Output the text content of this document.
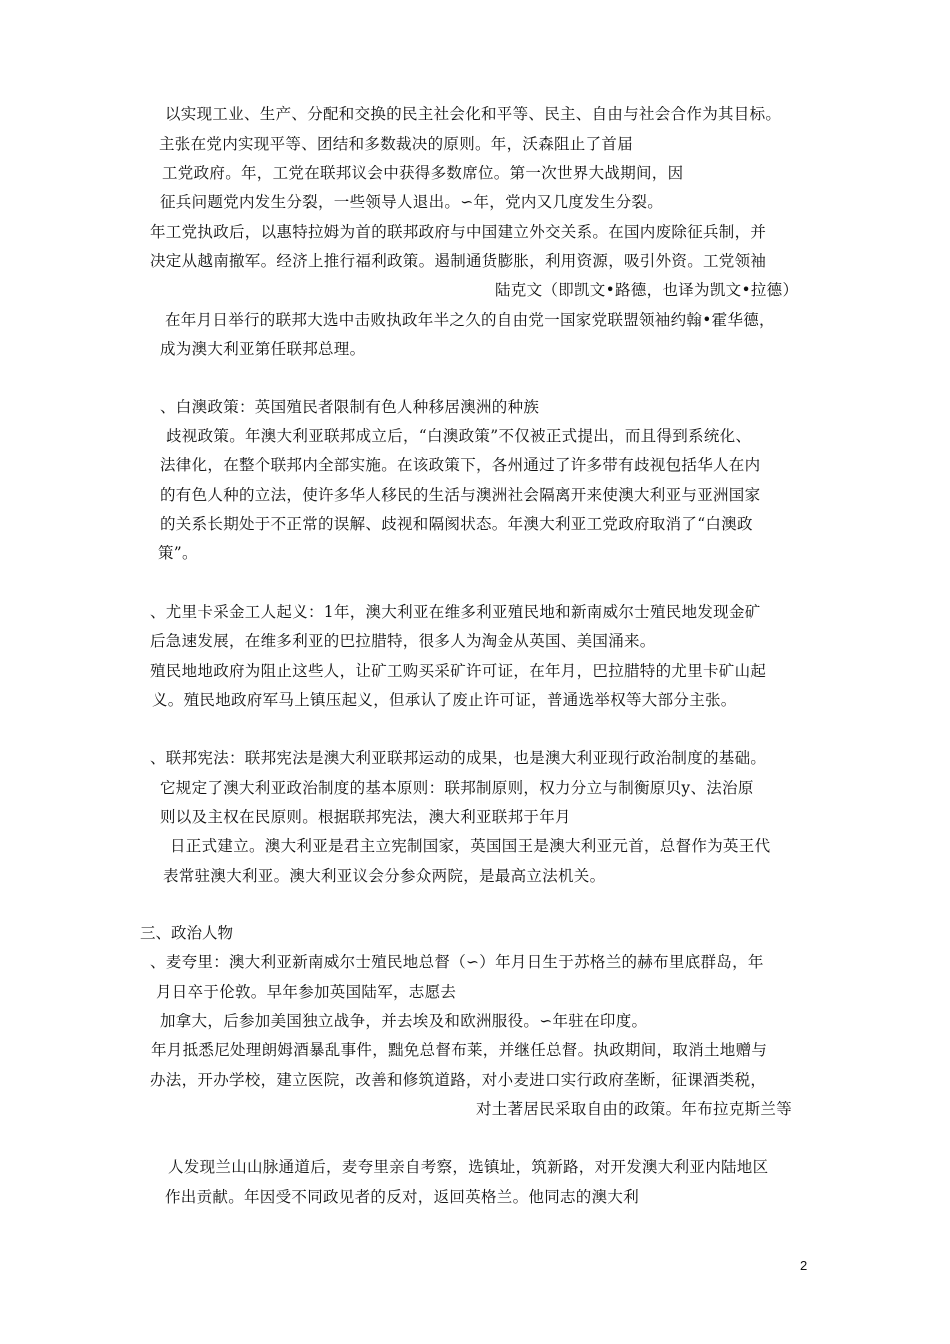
以实现工业、生产、分配和交换的民主社会化和平等、民主、自由与社会合作为其目标。
主张在党内实现平等、团结和多数裁决的原则。年，沃森阻止了首届
工党政府。年，工党在联邦议会中获得多数席位。第一次世界大战期间，因
征兵问题党内发生分裂，一些领导人退出。∽年，党内又几度发生分裂。
年工党执政后，以惠特拉姆为首的联邦政府与中国建立外交关系。在国内废除征兵制，并
决定从越南撤军。经济上推行福利政策。遏制通货膨胀，利用资源，吸引外资。工党领袖
陆克文（即凯文•路德，也译为凯文•拉德）
在年月日举行的联邦大选中击败执政年半之久的自由党一国家党联盟领袖约翰•霍华德，
成为澳大利亚第任联邦总理。
、白澳政策：英国殖民者限制有色人种移居澳洲的种族
歧视政策。年澳大利亚联邦成立后，“白澳政策”不仅被正式提出，而且得到系统化、
法律化，在整个联邦内全部实施。在该政策下，各州通过了许多带有歧视包括华人在内
的有色人种的立法，使许多华人移民的生活与澳洲社会隔离开来使澳大利亚与亚洲国家
的关系长期处于不正常的误解、歧视和隔阂状态。年澳大利亚工党政府取消了“白澳政
策”。
、尤里卡采金工人起义：1年，澳大利亚在维多利亚殖民地和新南威尔士殖民地发现金矿
后急速发展，在维多利亚的巴拉腊特，很多人为淘金从英国、美国涌来。
殖民地地政府为阻止这些人，让矿工购买采矿许可证，在年月，巴拉腊特的尤里卡矿山起
义。殖民地政府军马上镇压起义，但承认了废止许可证，普通选举权等大部分主张。
、联邦宪法：联邦宪法是澳大利亚联邦运动的成果，也是澳大利亚现行政治制度的基础。
它规定了澳大利亚政治制度的基本原则：联邦制原则，权力分立与制衡原贝y、法治原
则以及主权在民原则。根据联邦宪法，澳大利亚联邦于年月
日正式建立。澳大利亚是君主立宪制国家，英国国王是澳大利亚元首，总督作为英王代
表常驻澳大利亚。澳大利亚议会分参众两院，是最高立法机关。
三、政治人物
、麦夸里：澳大利亚新南威尔士殖民地总督（∽）年月日生于苏格兰的赫布里底群岛，年
月日卒于伦敦。早年参加英国陆军，志愿去
加拿大，后参加美国独立战争，并去埃及和欧洲服役。∽年驻在印度。
年月抵悉尼处理朗姆酒暴乱事件，黜免总督布莱，并继任总督。执政期间，取消土地赠与
办法，开办学校，建立医院，改善和修筑道路，对小麦进口实行政府垄断，征课酒类税，
对土著居民采取自由的政策。年布拉克斯兰等
人发现兰山山脉通道后，麦夸里亲自考察，选镇址，筑新路，对开发澳大利亚内陆地区
作出贡献。年因受不同政见者的反对，返回英格兰。他同志的澳大利
2
